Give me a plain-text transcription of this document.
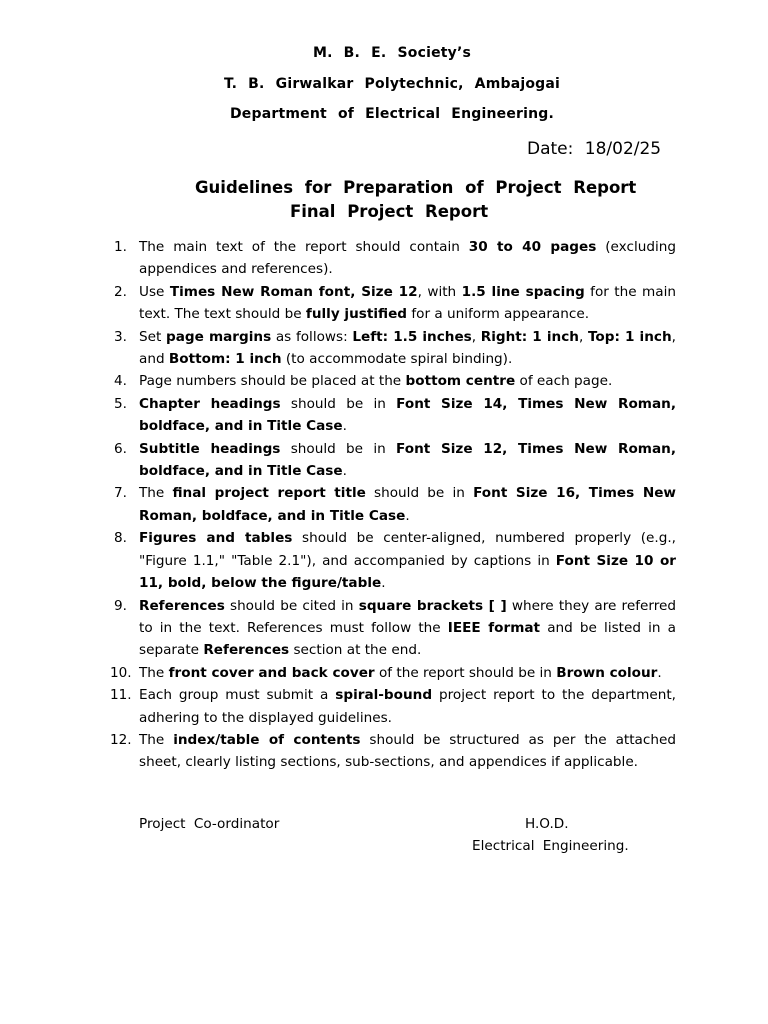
M. B. E. Society’s
T. B. Girwalkar Polytechnic, Ambajogai
Department of Electrical Engineering.
Date: 18/02/25
Guidelines for Preparation of Project Report
Final Project Report
1. The main text of the report should contain 30 to 40 pages (excluding appendices and references).
2. Use Times New Roman font, Size 12, with 1.5 line spacing for the main text. The text should be fully justified for a uniform appearance.
3. Set page margins as follows: Left: 1.5 inches, Right: 1 inch, Top: 1 inch, and Bottom: 1 inch (to accommodate spiral binding).
4. Page numbers should be placed at the bottom centre of each page.
5. Chapter headings should be in Font Size 14, Times New Roman, boldface, and in Title Case.
6. Subtitle headings should be in Font Size 12, Times New Roman, boldface, and in Title Case.
7. The final project report title should be in Font Size 16, Times New Roman, boldface, and in Title Case.
8. Figures and tables should be center-aligned, numbered properly (e.g., "Figure 1.1," "Table 2.1"), and accompanied by captions in Font Size 10 or 11, bold, below the figure/table.
9. References should be cited in square brackets [ ] where they are referred to in the text. References must follow the IEEE format and be listed in a separate References section at the end.
10. The front cover and back cover of the report should be in Brown colour.
11. Each group must submit a spiral-bound project report to the department, adhering to the displayed guidelines.
12. The index/table of contents should be structured as per the attached sheet, clearly listing sections, sub-sections, and appendices if applicable.
Project Co-ordinator	H.O.D.
Electrical Engineering.
